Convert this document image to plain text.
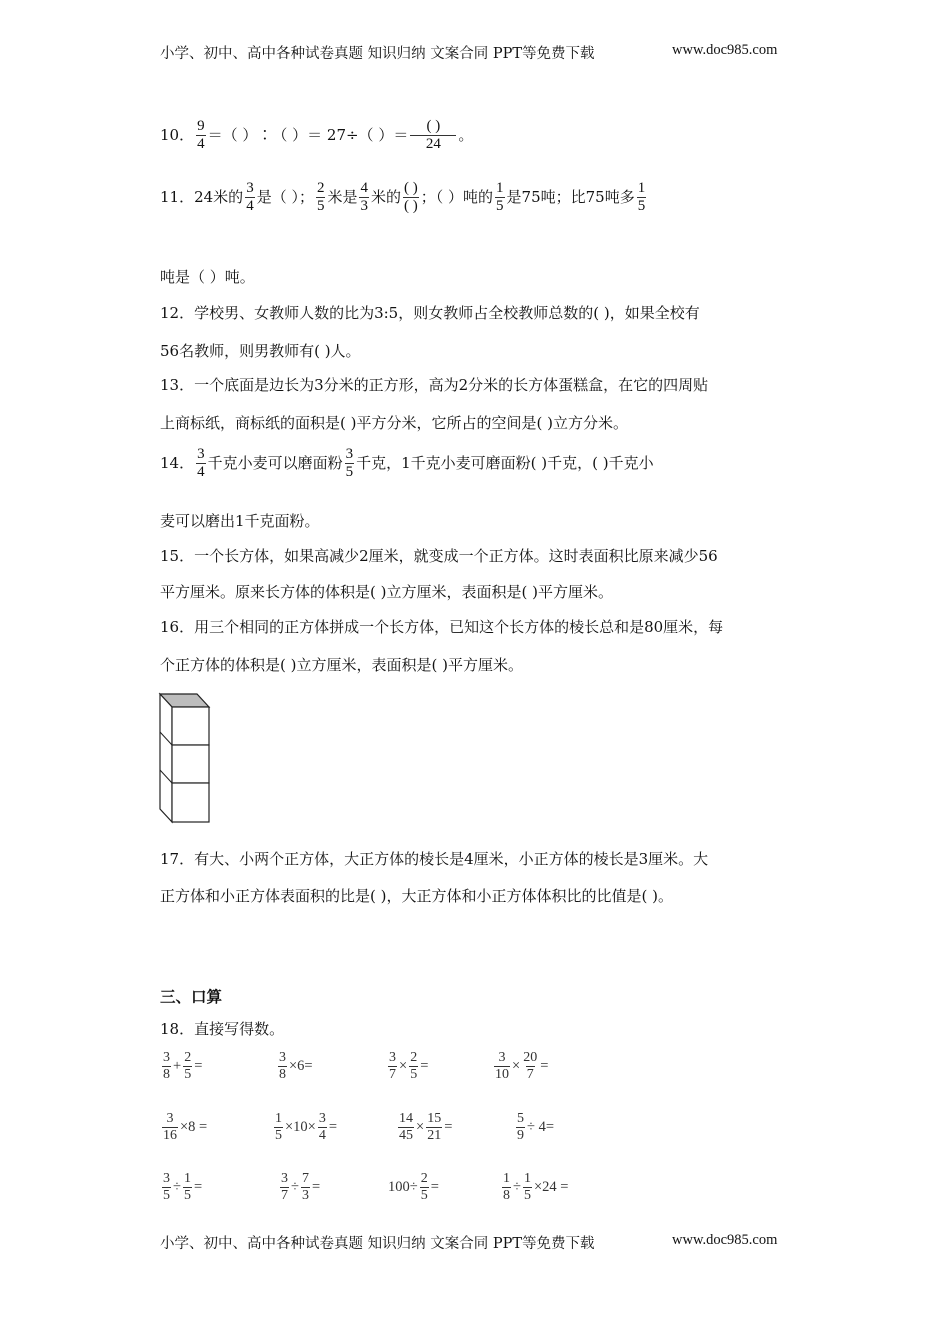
小学、初中、高中各种试卷真题 知识归纳 文案合同 PPT等免费下载	www.doc985.com
10． $\frac{9}{4}$ ＝（ ）∶（ ）＝ 27÷（ ）＝ $\frac{( )}{24}$ 。
11．24米的 $\frac{3}{4}$ 是（ ）； $\frac{2}{5}$ 米是 $\frac{4}{3}$ 米的 $\frac{( )}{( )}$ ；（ ）吨的 $\frac{1}{5}$ 是75吨；比75吨多 $\frac{1}{5}$
吨是（ ）吨。
12．学校男、女教师人数的比为3:5，则女教师占全校教师总数的( )，如果全校有
56名教师，则男教师有( )人。
13．一个底面是边长为3分米的正方形，高为2分米的长方体蛋糕盒，在它的四周贴
上商标纸，商标纸的面积是( )平方分米，它所占的空间是( )立方分米。
14． $\frac{3}{4}$ 千克小麦可以磨面粉 $\frac{3}{5}$ 千克，1千克小麦可磨面粉( )千克，( )千克小
麦可以磨出1千克面粉。
15．一个长方体，如果高减少2厘米，就变成一个正方体。这时表面积比原来减少56
平方厘米。原来长方体的体积是( )立方厘米，表面积是( )平方厘米。
16．用三个相同的正方体拼成一个长方体，已知这个长方体的棱长总和是80厘米，每
个正方体的体积是( )立方厘米，表面积是( )平方厘米。
17．有大、小两个正方体，大正方体的棱长是4厘米，小正方体的棱长是3厘米。大
正方体和小正方体表面积的比是( )，大正方体和小正方体体积比的比值是( )。
三、口算
18．直接写得数。
$\frac{3}{8} + \frac{2}{5}$ =	$\frac{3}{8} \times 6=$	$\frac{3}{7} \times \frac{2}{5}$ =	$\frac{3}{10} \times \frac{20}{7}$ =
$\frac{3}{16} \times 8$ =	$\frac{1}{5} \times 10\times \frac{3}{4}$ =	$\frac{14}{45} \times \frac{15}{21}$ =	$\frac{5}{9} \div 4=$
$\frac{3}{5} \div \frac{1}{5}$ =	$\frac{3}{7} \div \frac{7}{3}$ =	$100\div \frac{2}{5}$ =	$\frac{1}{8} \div \frac{1}{5} \times 24$ =
小学、初中、高中各种试卷真题 知识归纳 文案合同 PPT等免费下载	www.doc985.com
